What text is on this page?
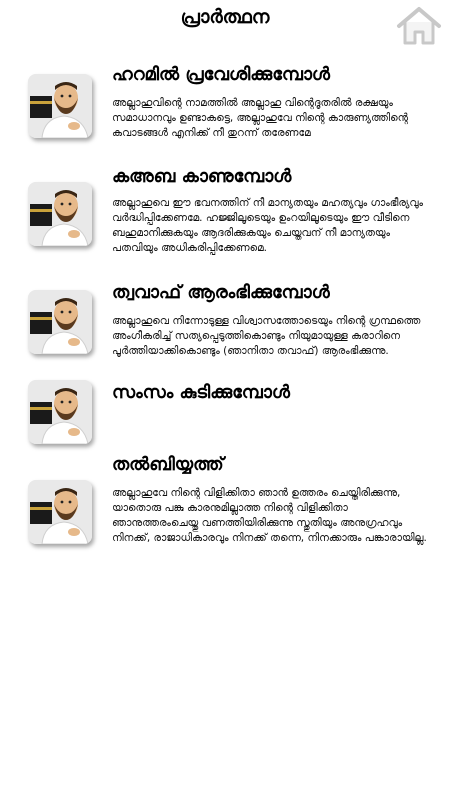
പ്രാർത്ഥന
ഹറമിൽ പ്രവേശിക്കുമ്പോൾ
അല്ലാഹുവിന്റെ നാമത്തിൽ അല്ലാഹു വിന്റെദൂതരിൽ രക്ഷയും സമാധാനവും ഉണ്ടാകട്ടെ, അല്ലാഹുവേ നിന്റെ കാരുണ്യത്തിന്റെ കവാടങ്ങൾ എനിക്ക് നീ തുറന്ന് തരേണമേ
കഅബ കാണുമ്പോൾ
അല്ലാഹുവെ ഈ ഭവനത്തിന് നീ മാന്യതയും മഹത്യവും ഗാംഭീര്യവും വർദ്ധിപ്പിക്കേണമേ. ഹജ്ജിലൂടെയും ഉംറയിലൂടെയും ഈ വീടിനെ ബഹുമാനിക്കുകയും ആദരിക്കുകയും ചെയ്തവന് നീ മാന്യതയും പതവിയും അധികരിപ്പിക്കേണമെ.
ത്വവാഫ് ആരംഭിക്കുമ്പോൾ
അല്ലാഹുവെ നിന്നോടുള്ള വിശ്വാസത്തോടെയും നിന്റെ ഗ്രന്ഥത്തെ അംഗീകരിച്ച് സത്യപ്പെടുത്തികൊണ്ടും നിയുമായുള്ള കരാറിനെ പൂർത്തിയാക്കികൊണ്ടും (ഞാനിതാ തവാഫ്) ആരംഭിക്കുന്നു.
സംസം കുടിക്കുമ്പോൾ
തൽബിയ്യത്ത്
അല്ലാഹുവേ നിന്റെ വിളിക്കിതാ ഞാൻ ഉത്തരം ചെയ്തിരിക്കുന്നു, യാതൊരു പങ്കു കാരനുമില്ലാത്ത നിന്റെ വിളിക്കിതാ ഞാനുത്തരംചെയ്തു വണത്തിയിരിക്കുന്നു സ്തുതിയും അനുഗ്രഹവും നിനക്ക്, രാജാധികാരവും നിനക്ക് തന്നെ, നിനക്കാരും പങ്കാരായില്ല.
